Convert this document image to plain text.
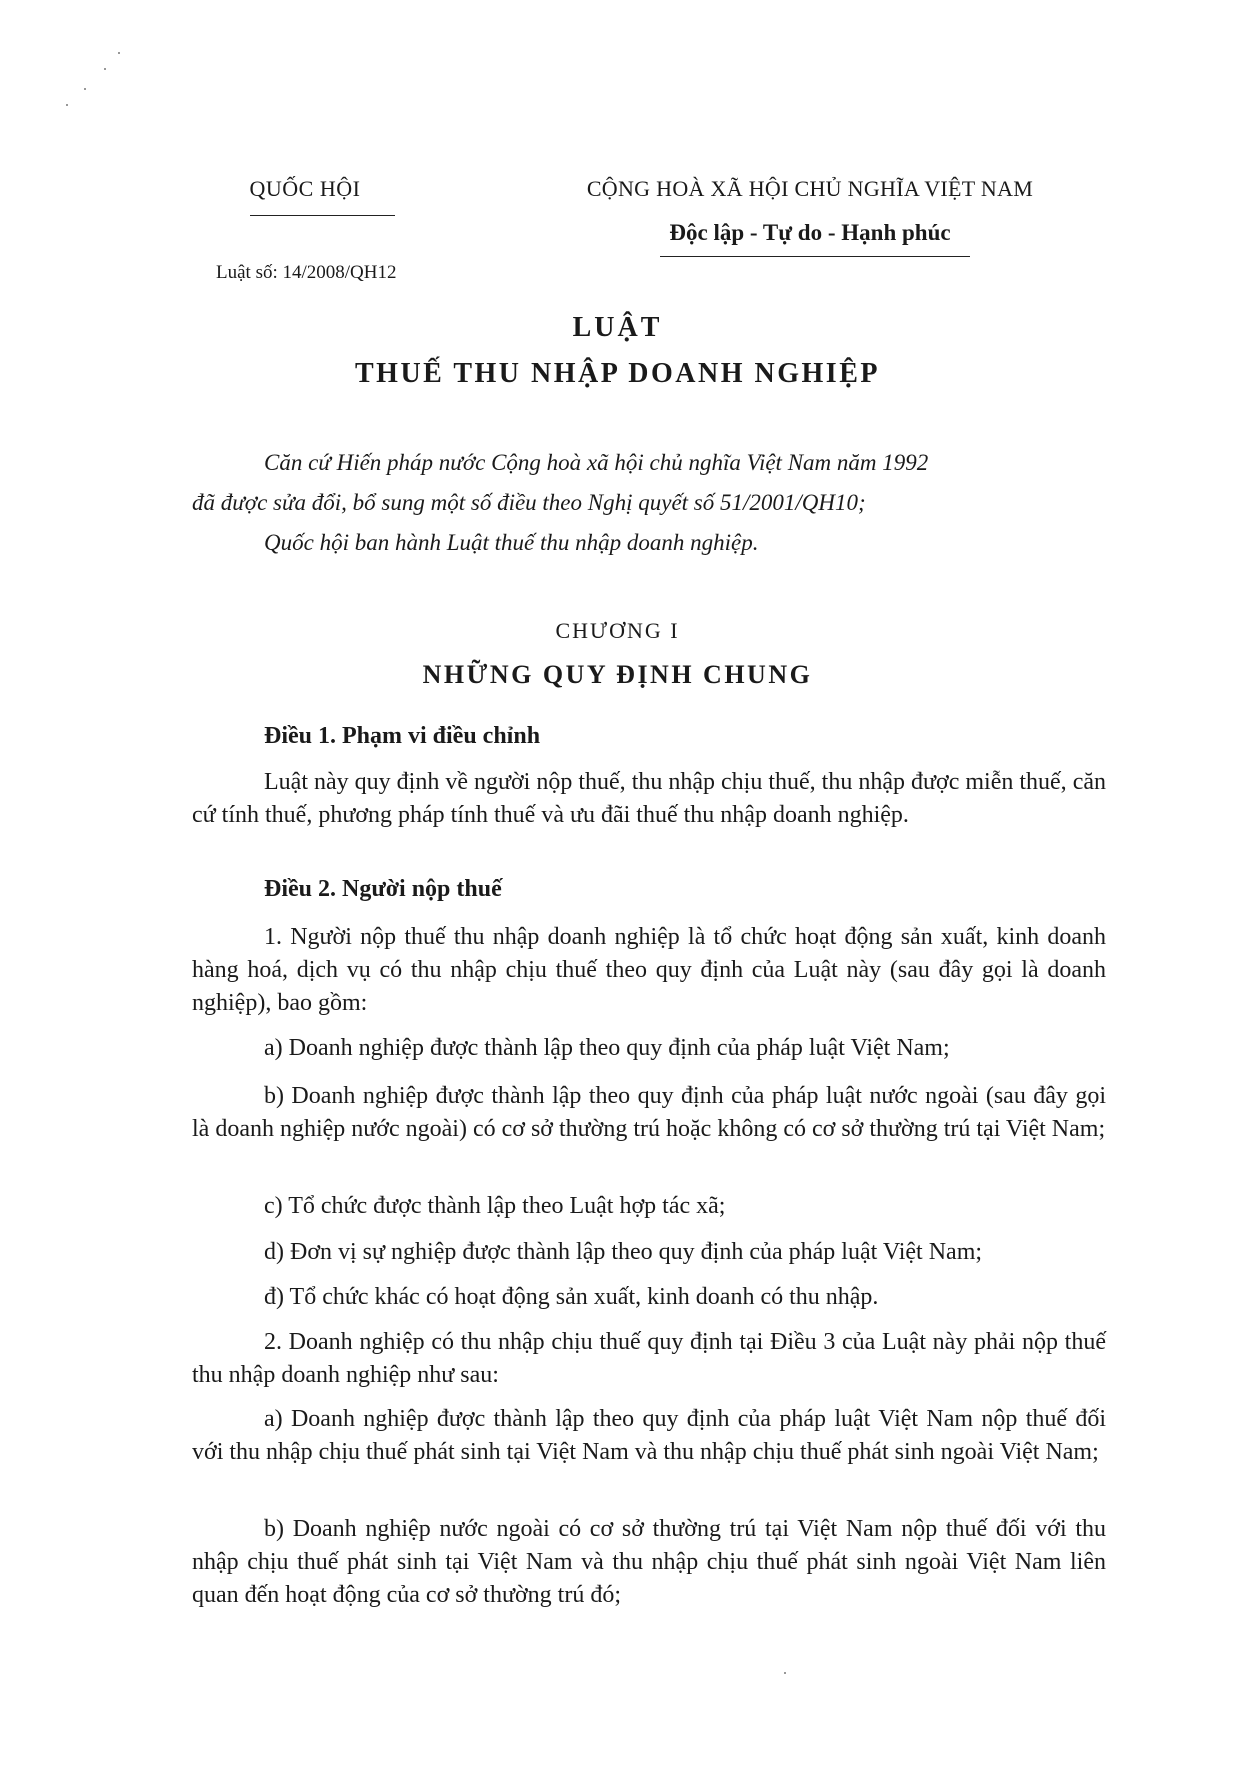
QUỐC HỘI
Luật số: 14/2008/QH12
CỘNG HOÀ XÃ HỘI CHỦ NGHĨA VIỆT NAM
Độc lập - Tự do - Hạnh phúc
LUẬT
THUẾ THU NHẬP DOANH NGHIỆP
Căn cứ Hiến pháp nước Cộng hoà xã hội chủ nghĩa Việt Nam năm 1992
đã được sửa đổi, bổ sung một số điều theo Nghị quyết số 51/2001/QH10;
Quốc hội ban hành Luật thuế thu nhập doanh nghiệp.
CHƯƠNG I
NHỮNG QUY ĐỊNH CHUNG
Điều 1. Phạm vi điều chỉnh
Luật này quy định về người nộp thuế, thu nhập chịu thuế, thu nhập được miễn thuế, căn cứ tính thuế, phương pháp tính thuế và ưu đãi thuế thu nhập doanh nghiệp.
Điều 2. Người nộp thuế
1. Người nộp thuế thu nhập doanh nghiệp là tổ chức hoạt động sản xuất, kinh doanh hàng hoá, dịch vụ có thu nhập chịu thuế theo quy định của Luật này (sau đây gọi là doanh nghiệp), bao gồm:
a) Doanh nghiệp được thành lập theo quy định của pháp luật Việt Nam;
b) Doanh nghiệp được thành lập theo quy định của pháp luật nước ngoài (sau đây gọi là doanh nghiệp nước ngoài) có cơ sở thường trú hoặc không có cơ sở thường trú tại Việt Nam;
c) Tổ chức được thành lập theo Luật hợp tác xã;
d) Đơn vị sự nghiệp được thành lập theo quy định của pháp luật Việt Nam;
đ) Tổ chức khác có hoạt động sản xuất, kinh doanh có thu nhập.
2. Doanh nghiệp có thu nhập chịu thuế quy định tại Điều 3 của Luật này phải nộp thuế thu nhập doanh nghiệp như sau:
a) Doanh nghiệp được thành lập theo quy định của pháp luật Việt Nam nộp thuế đối với thu nhập chịu thuế phát sinh tại Việt Nam và thu nhập chịu thuế phát sinh ngoài Việt Nam;
b) Doanh nghiệp nước ngoài có cơ sở thường trú tại Việt Nam nộp thuế đối với thu nhập chịu thuế phát sinh tại Việt Nam và thu nhập chịu thuế phát sinh ngoài Việt Nam liên quan đến hoạt động của cơ sở thường trú đó;
